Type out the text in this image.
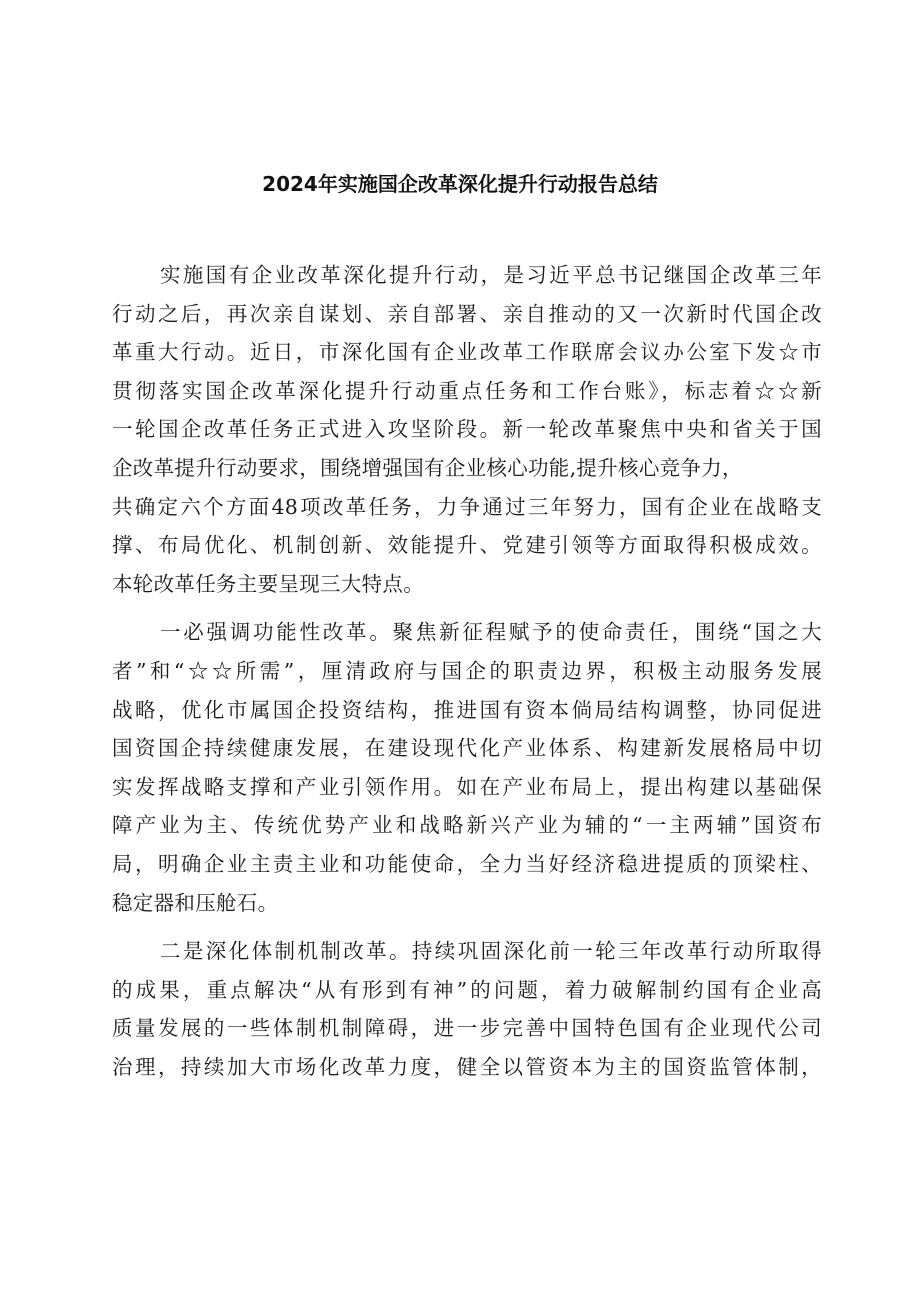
2024年实施国企改革深化提升行动报告总结
实施国有企业改革深化提升行动，是习近平总书记继国企改革三年
行动之后，再次亲自谋划、亲自部署、亲自推动的又一次新时代国企改
革重大行动。近日，市深化国有企业改革工作联席会议办公室下发☆市
贯彻落实国企改革深化提升行动重点任务和工作台账》，标志着☆☆新
一轮国企改革任务正式进入攻坚阶段。新一轮改革聚焦中央和省关于国
企改革提升行动要求，围绕增强国有企业核心功能,提升核心竞争力，
共确定六个方面48项改革任务，力争通过三年努力，国有企业在战略支
撑、布局优化、机制创新、效能提升、党建引领等方面取得积极成效。
本轮改革任务主要呈现三大特点。
一必强调功能性改革。聚焦新征程赋予的使命责任，围绕“国之大
者”和“☆☆所需”，厘清政府与国企的职责边界，积极主动服务发展
战略，优化市属国企投资结构，推进国有资本倘局结构调整，协同促进
国资国企持续健康发展，在建设现代化产业体系、构建新发展格局中切
实发挥战略支撑和产业引领作用。如在产业布局上，提出构建以基础保
障产业为主、传统优势产业和战略新兴产业为辅的“一主两辅”国资布
局，明确企业主责主业和功能使命，全力当好经济稳进提质的顶梁柱、
稳定器和压舱石。
二是深化体制机制改革。持续巩固深化前一轮三年改革行动所取得
的成果，重点解决“从有形到有神”的问题，着力破解制约国有企业高
质量发展的一些体制机制障碍，进一步完善中国特色国有企业现代公司
治理，持续加大市场化改革力度，健全以管资本为主的国资监管体制，
